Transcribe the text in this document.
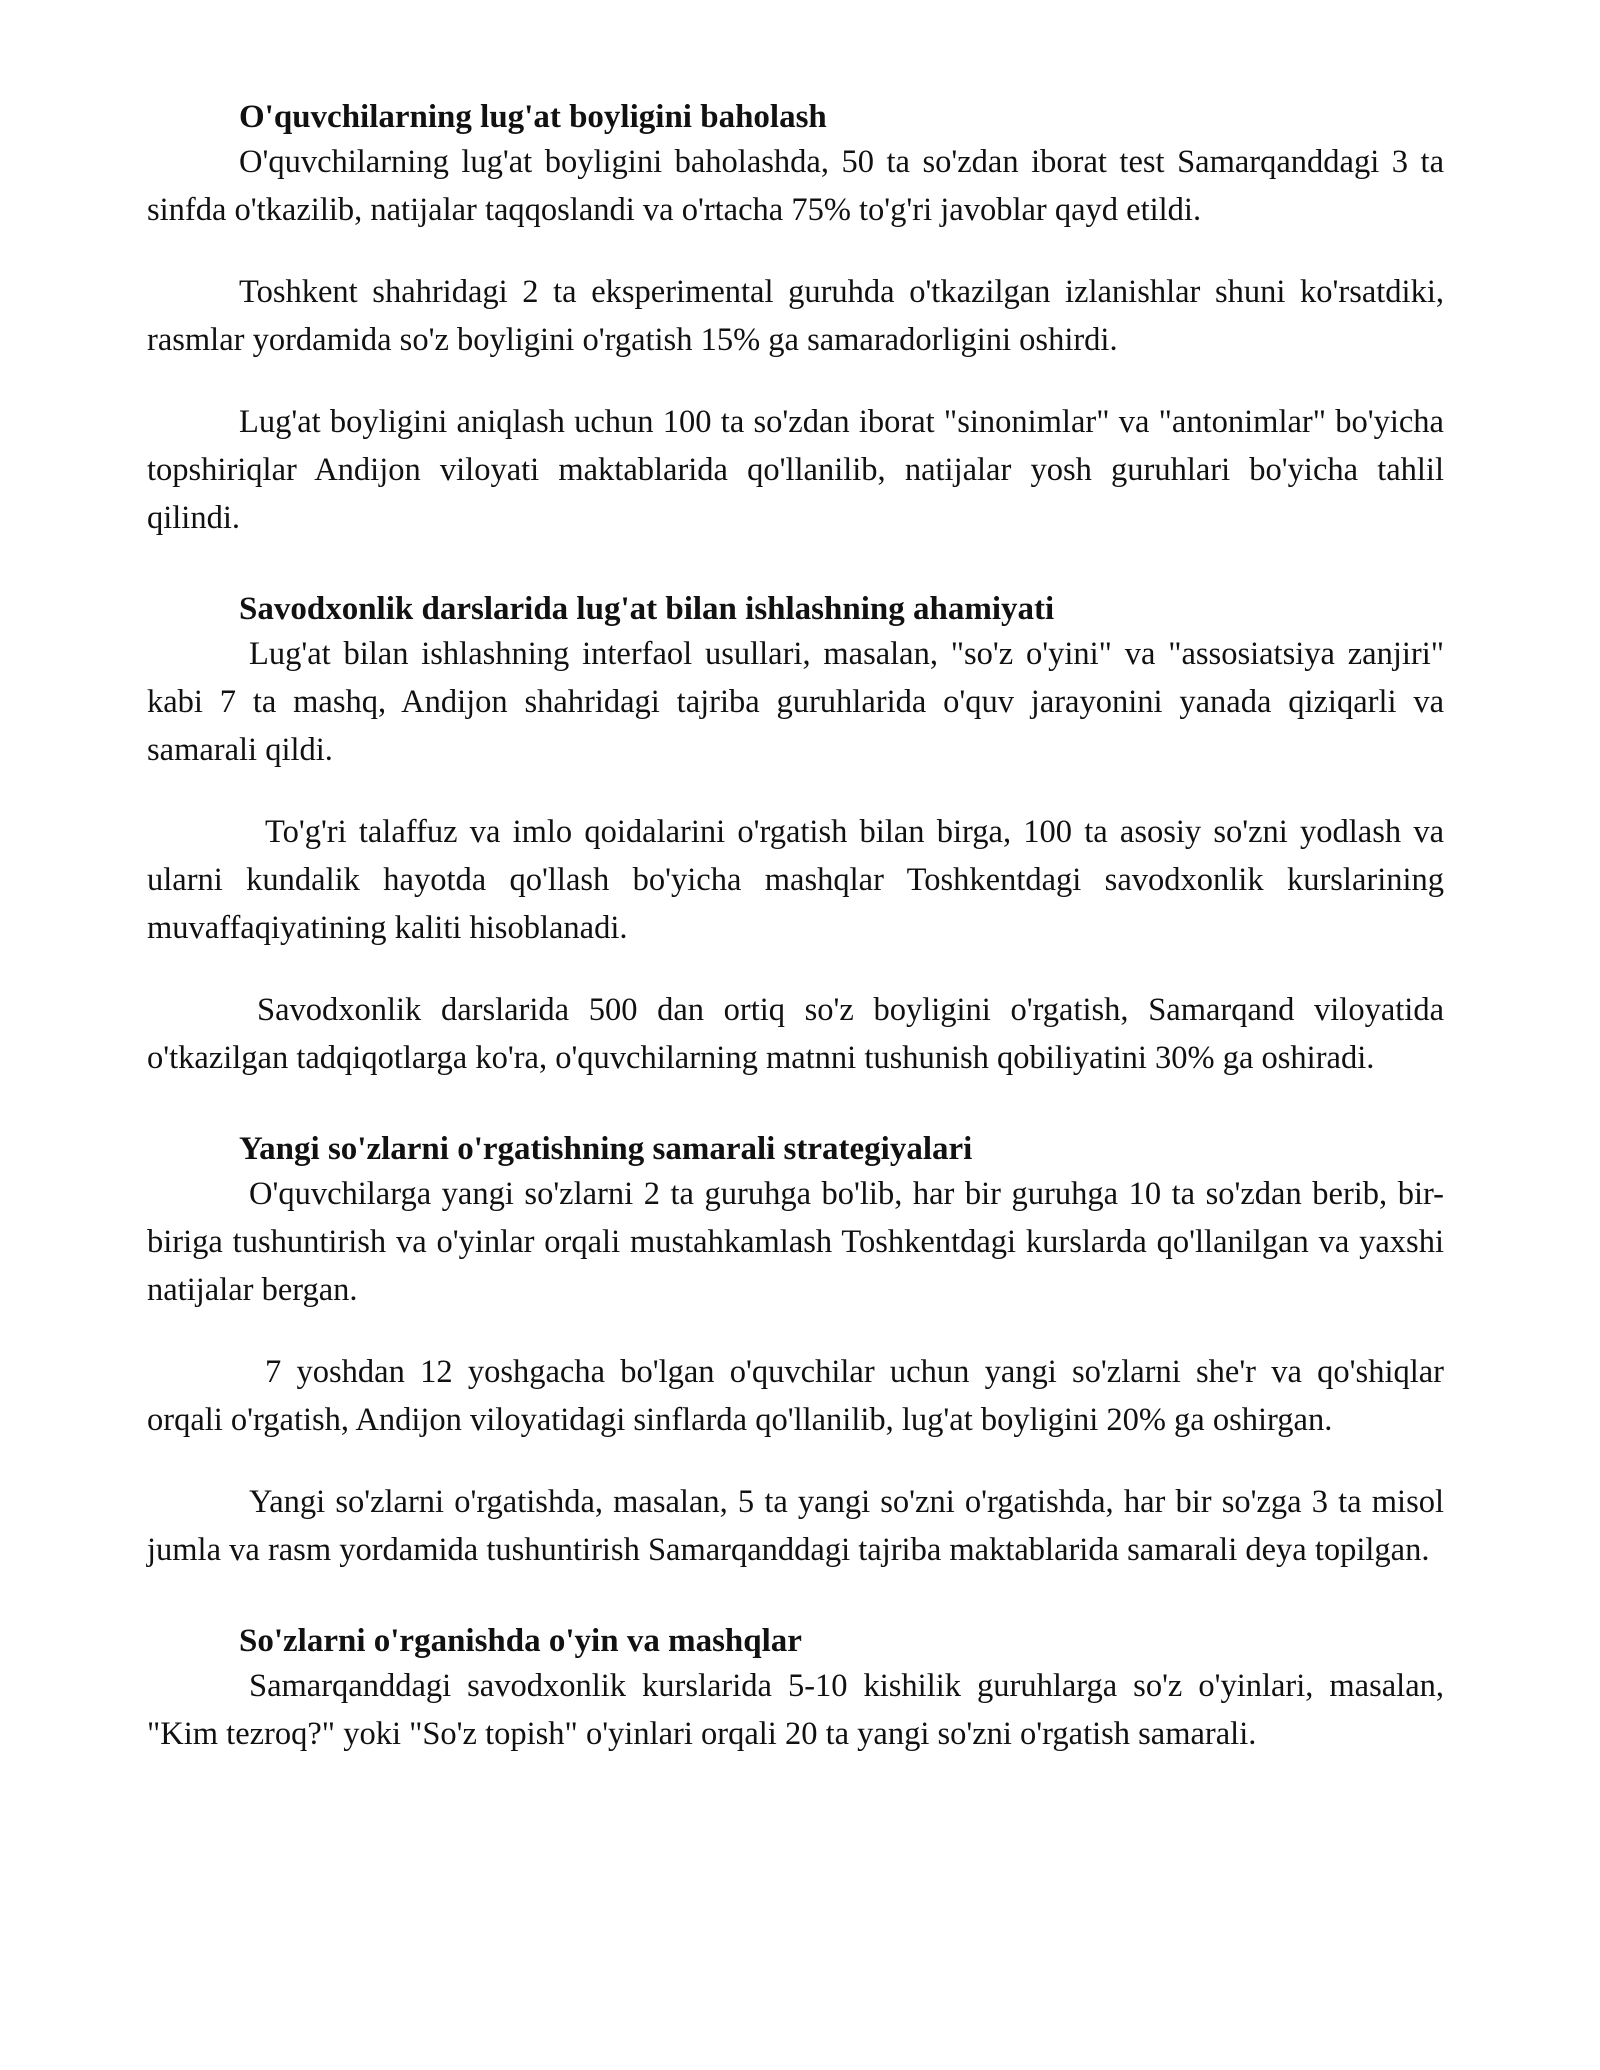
O'quvchilarning lug'at boyligini baholash

O'quvchilarning lug'at boyligini baholashda, 50 ta so'zdan iborat test Samarqanddagi 3 ta sinfda o'tkazilib, natijalar taqqoslandi va o'rtacha 75% to'g'ri javoblar qayd etildi.

Toshkent shahridagi 2 ta eksperimental guruhda o'tkazilgan izlanishlar shuni ko'rsatdiki, rasmlar yordamida so'z boyligini o'rgatish 15% ga samaradorligini oshirdi.

Lug'at boyligini aniqlash uchun 100 ta so'zdan iborat "sinonimlar" va "antonimlar" bo'yicha topshiriqlar Andijon viloyati maktablarida qo'llanilib, natijalar yosh guruhlari bo'yicha tahlil qilindi.

Savodxonlik darslarida lug'at bilan ishlashning ahamiyati

Lug'at bilan ishlashning interfaol usullari, masalan, "so'z o'yini" va "assosiatsiya zanjiri" kabi 7 ta mashq, Andijon shahridagi tajriba guruhlarida o'quv jarayonini yanada qiziqarli va samarali qildi.

To'g'ri talaffuz va imlo qoidalarini o'rgatish bilan birga, 100 ta asosiy so'zni yodlash va ularni kundalik hayotda qo'llash bo'yicha mashqlar Toshkentdagi savodxonlik kurslarining muvaffaqiyatining kaliti hisoblanadi.

Savodxonlik darslarida 500 dan ortiq so'z boyligini o'rgatish, Samarqand viloyatida o'tkazilgan tadqiqotlarga ko'ra, o'quvchilarning matnni tushunish qobiliyatini 30% ga oshiradi.

Yangi so'zlarni o'rgatishning samarali strategiyalari

O'quvchilarga yangi so'zlarni 2 ta guruhga bo'lib, har bir guruhga 10 ta so'zdan berib, bir-biriga tushuntirish va o'yinlar orqali mustahkamlash Toshkentdagi kurslarda qo'llanilgan va yaxshi natijalar bergan.

7 yoshdan 12 yoshgacha bo'lgan o'quvchilar uchun yangi so'zlarni she'r va qo'shiqlar orqali o'rgatish, Andijon viloyatidagi sinflarda qo'llanilib, lug'at boyligini 20% ga oshirgan.

Yangi so'zlarni o'rgatishda, masalan, 5 ta yangi so'zni o'rgatishda, har bir so'zga 3 ta misol jumla va rasm yordamida tushuntirish Samarqanddagi tajriba maktablarida samarali deya topilgan.

So'zlarni o'rganishda o'yin va mashqlar

Samarqanddagi savodxonlik kurslarida 5-10 kishilik guruhlarga so'z o'yinlari, masalan, "Kim tezroq?" yoki "So'z topish" o'yinlari orqali 20 ta yangi so'zni o'rgatish samarali.
